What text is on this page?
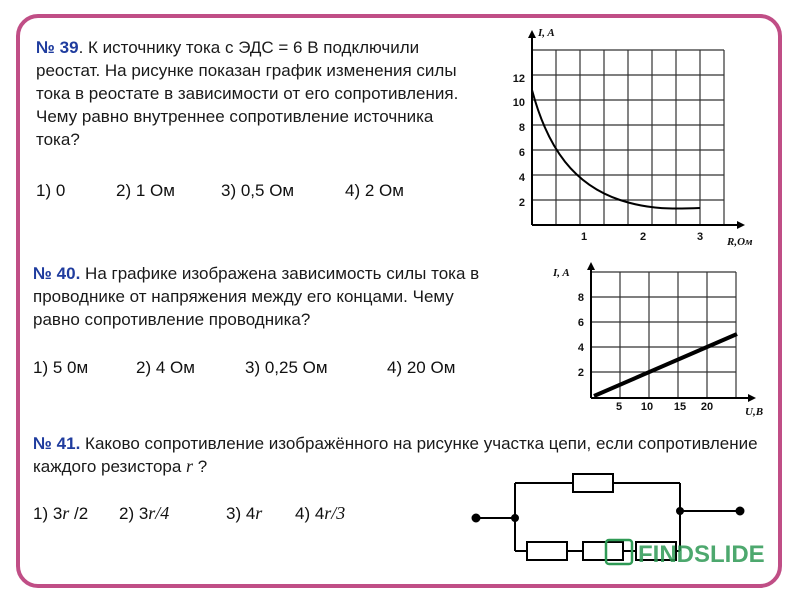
№ 39. К источнику тока с ЭДС = 6 В подключили реостат. На рисунке показан график изменения силы тока в реостате в зависимости от его сопротивления. Чему равно внутреннее сопротивление источника тока?
1) 0	2) 1 Ом	3) 0,5 Ом	4) 2 Ом
№ 40. На графике изображена зависимость силы тока в проводнике от напряжения между его концами. Чему равно сопротивление проводника?
1) 5 0м	2) 4 Ом	3) 0,25 Ом	4) 20 Ом
№ 41. Каково сопротивление изображённого на рисунке участка цепи, если сопротивление каждого резистора r ?
1) 3r /2 2) 3r/4	3) 4r 4) 4r/3
I, A
R,Ом
2
4
6
8
10
12
1	2	3
I, A
U,B
2
4
6
8
5 10 15 20
FINDSLIDE
